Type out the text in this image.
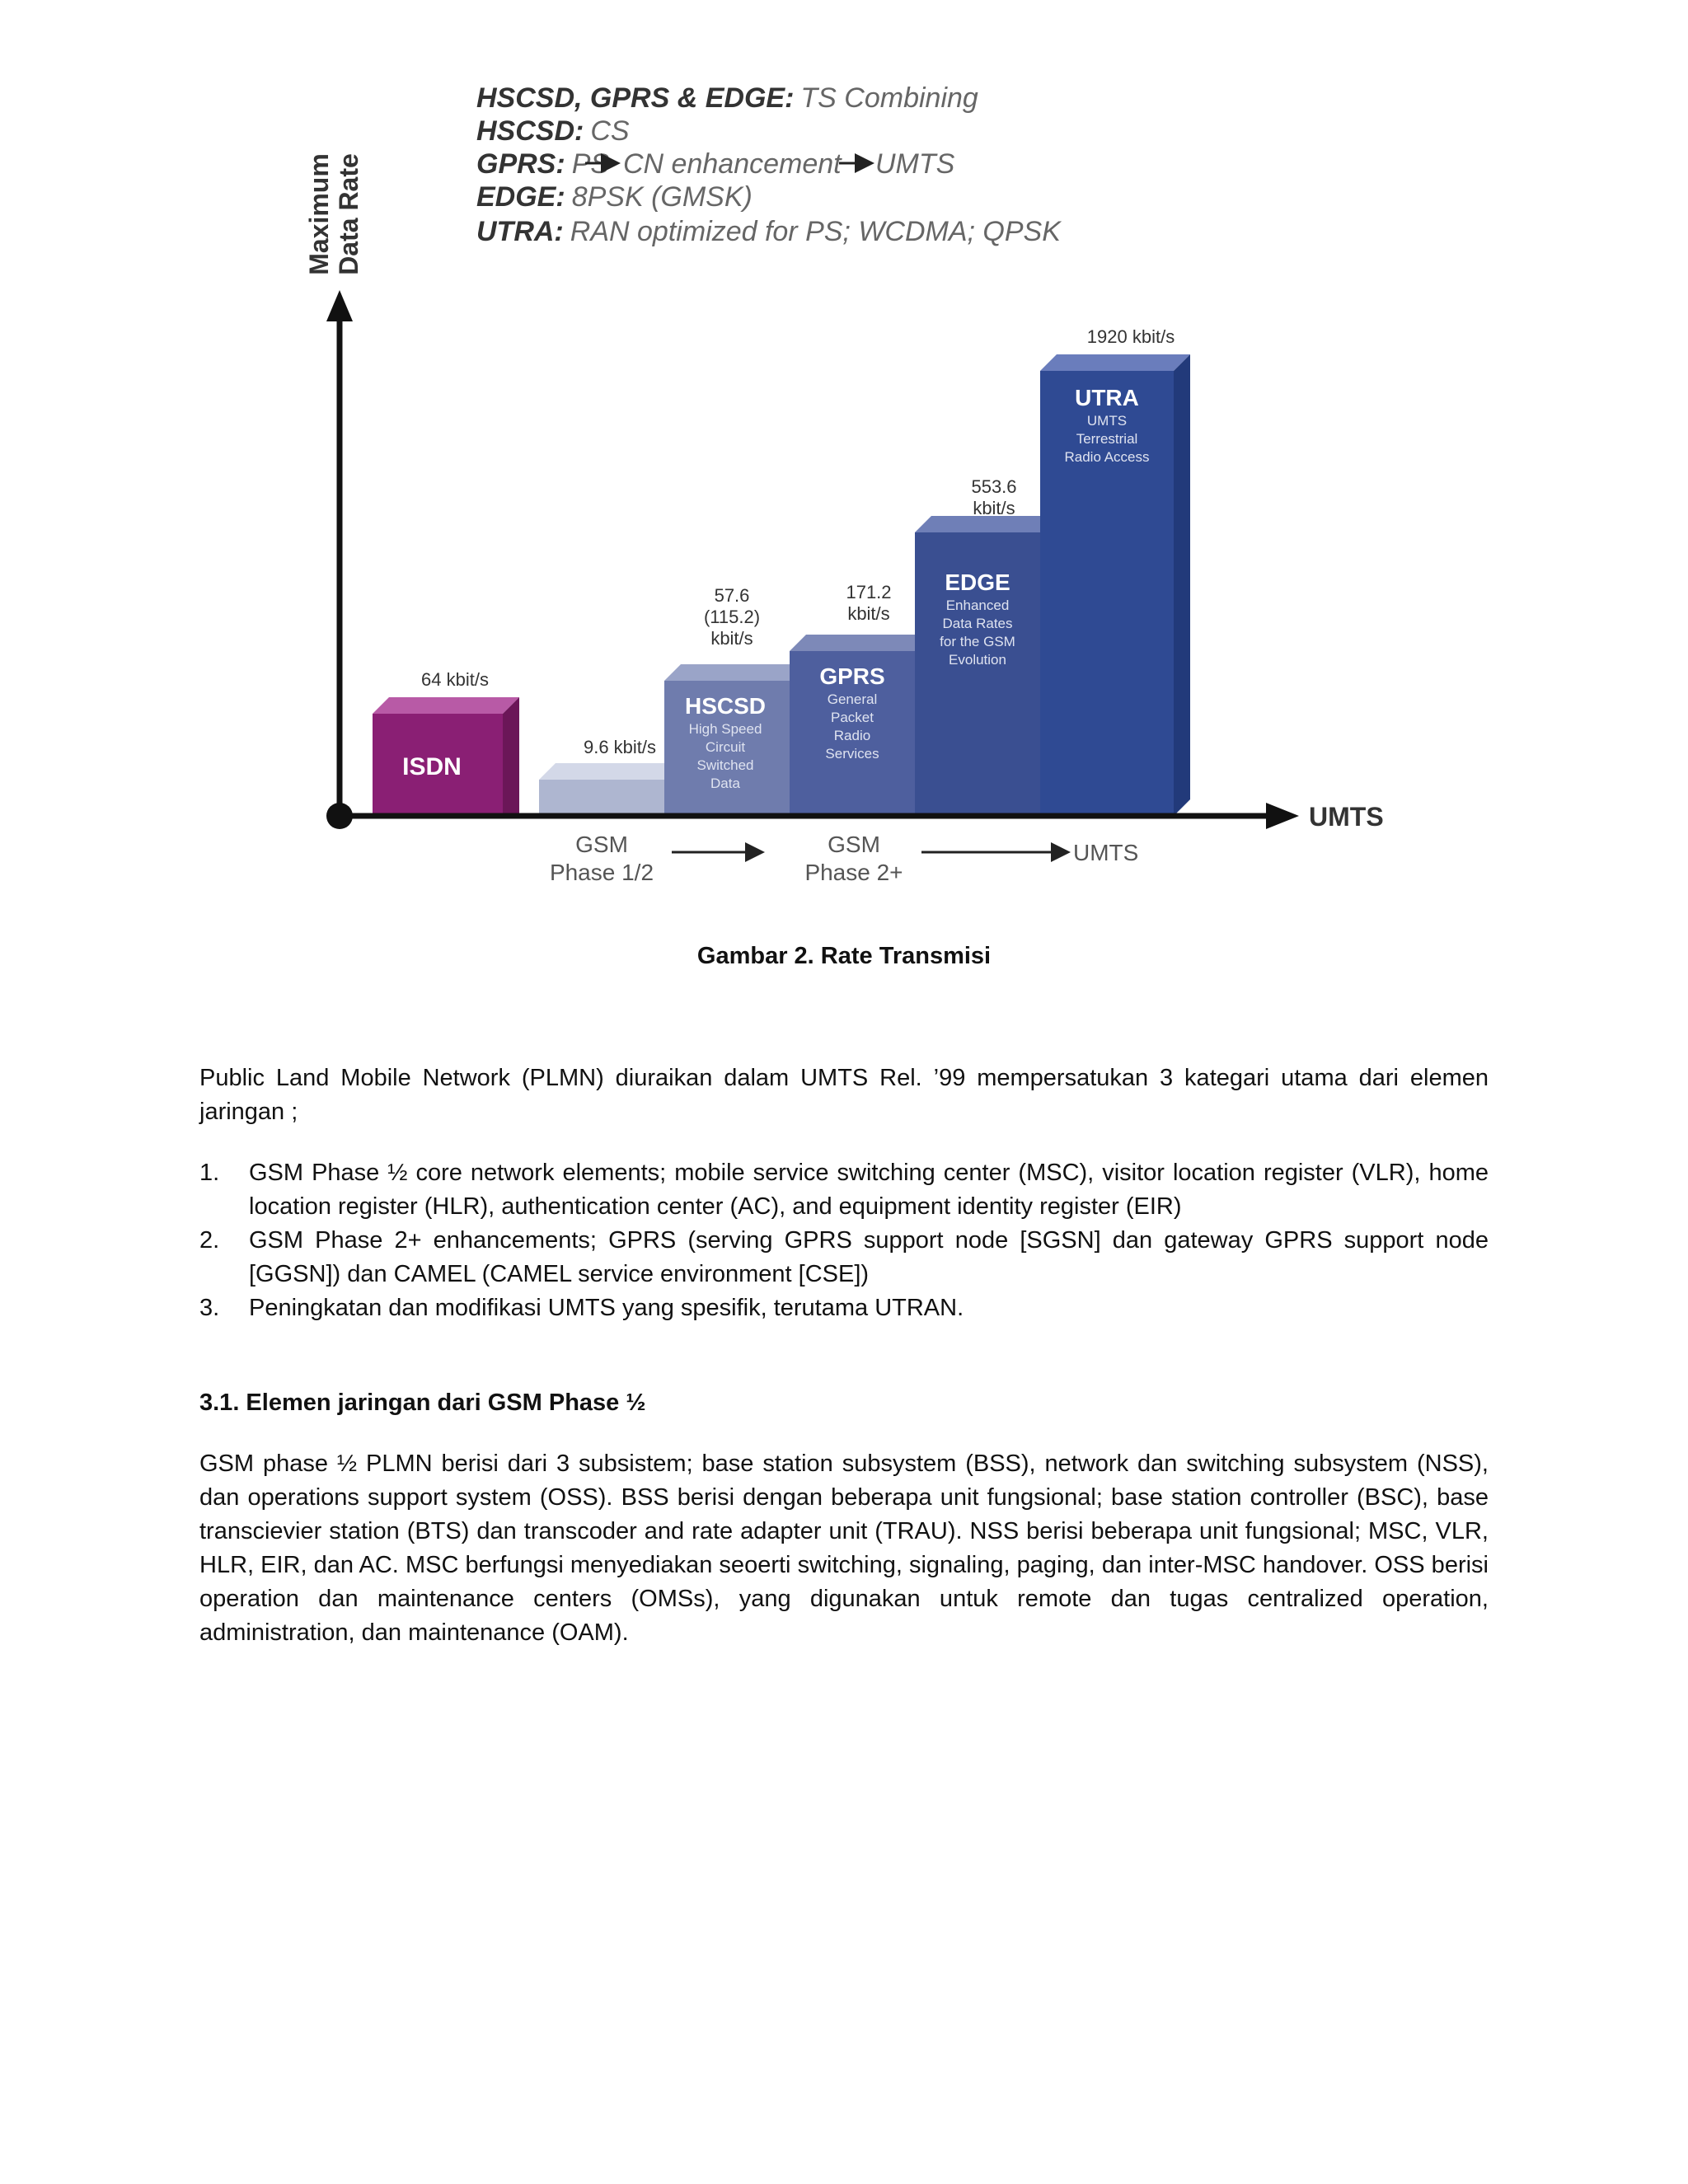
HSCSD, GPRS & EDGE: TS Combining
HSCSD: CS
GPRS: PS CN enhancement UMTS
EDGE: 8PSK (GMSK)
UTRA: RAN optimized for PS; WCDMA; QPSK
Maximum Data Rate
ISDN
64 kbit/s
9.6 kbit/s
HSCSD
High Speed
Circuit
Switched
Data
57.6
(115.2)
kbit/s
GPRS
General
Packet
Radio
Services
171.2
kbit/s
EDGE
Enhanced
Data Rates
for the GSM
Evolution
553.6
kbit/s
UTRA
UMTS
Terrestrial
Radio Access
1920 kbit/s
UMTS
GSM
Phase 1/2
GSM
Phase 2+
UMTS
Gambar 2. Rate Transmisi

Public Land Mobile Network (PLMN) diuraikan dalam UMTS Rel. ’99 mempersatukan 3 kategari utama dari elemen jaringan ;

1. GSM Phase ½ core network elements; mobile service switching center (MSC), visitor location register (VLR), home location register (HLR), authentication center (AC), and equipment identity register (EIR)
2. GSM Phase 2+ enhancements; GPRS (serving GPRS support node [SGSN] dan gateway GPRS support node [GGSN]) dan CAMEL (CAMEL service environment [CSE])
3. Peningkatan dan modifikasi UMTS yang spesifik, terutama UTRAN.

3.1. Elemen jaringan dari GSM Phase ½

GSM phase ½ PLMN berisi dari 3 subsistem; base station subsystem (BSS), network dan switching subsystem (NSS), dan operations support system (OSS). BSS berisi dengan beberapa unit fungsional; base station controller (BSC), base transcievier station (BTS) dan transcoder and rate adapter unit (TRAU). NSS berisi beberapa unit fungsional; MSC, VLR, HLR, EIR, dan AC. MSC berfungsi menyediakan seoerti switching, signaling, paging, dan inter-MSC handover. OSS berisi operation dan maintenance centers (OMSs), yang digunakan untuk remote dan tugas centralized operation, administration, dan maintenance (OAM).
